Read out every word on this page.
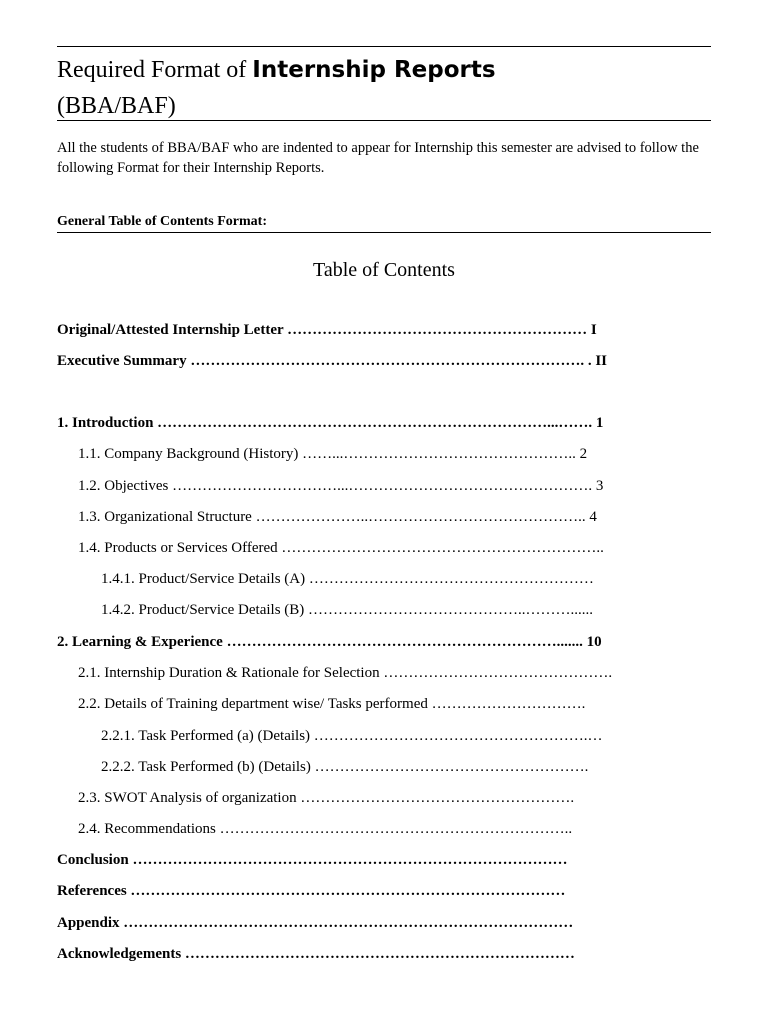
Required Format of Internship Reports
(BBA/BAF)
All the students of BBA/BAF who are indented to appear for Internship this semester are advised to follow the following Format for their Internship Reports.
General Table of Contents Format:
Table of Contents
Original/Attested Internship Letter …………………………………………………… I
Executive Summary ……………………………………………………………………. . II
1. Introduction ……………………………………………………………………...……. 1
1.1. Company Background (History) ……...……………………………………….. 2
1.2. Objectives ……………………………...…………………………………………. 3
1.3. Organizational Structure …………………..…………………………………….. 4
1.4. Products or Services Offered ………………………………………………………..
1.4.1. Product/Service Details (A) …………………………………………………
1.4.2. Product/Service Details (B) ……………………………………..………......
2. Learning & Experience …………………………………………………………....... 10
2.1. Internship Duration & Rationale for Selection ……………………………………….
2.2. Details of Training department wise/ Tasks performed ………………………….
2.2.1. Task Performed (a) (Details) ……………………………………………….…
2.2.2. Task Performed (b) (Details) ……………………………………………….
2.3. SWOT Analysis of organization ……………………………………………….
2.4. Recommendations ……………………………………………………………..
Conclusion ……………………………………………………………………………
References ……………………………………………………………………………
Appendix ………………………………………………………………………………
Acknowledgements ……………………………………………………………………
